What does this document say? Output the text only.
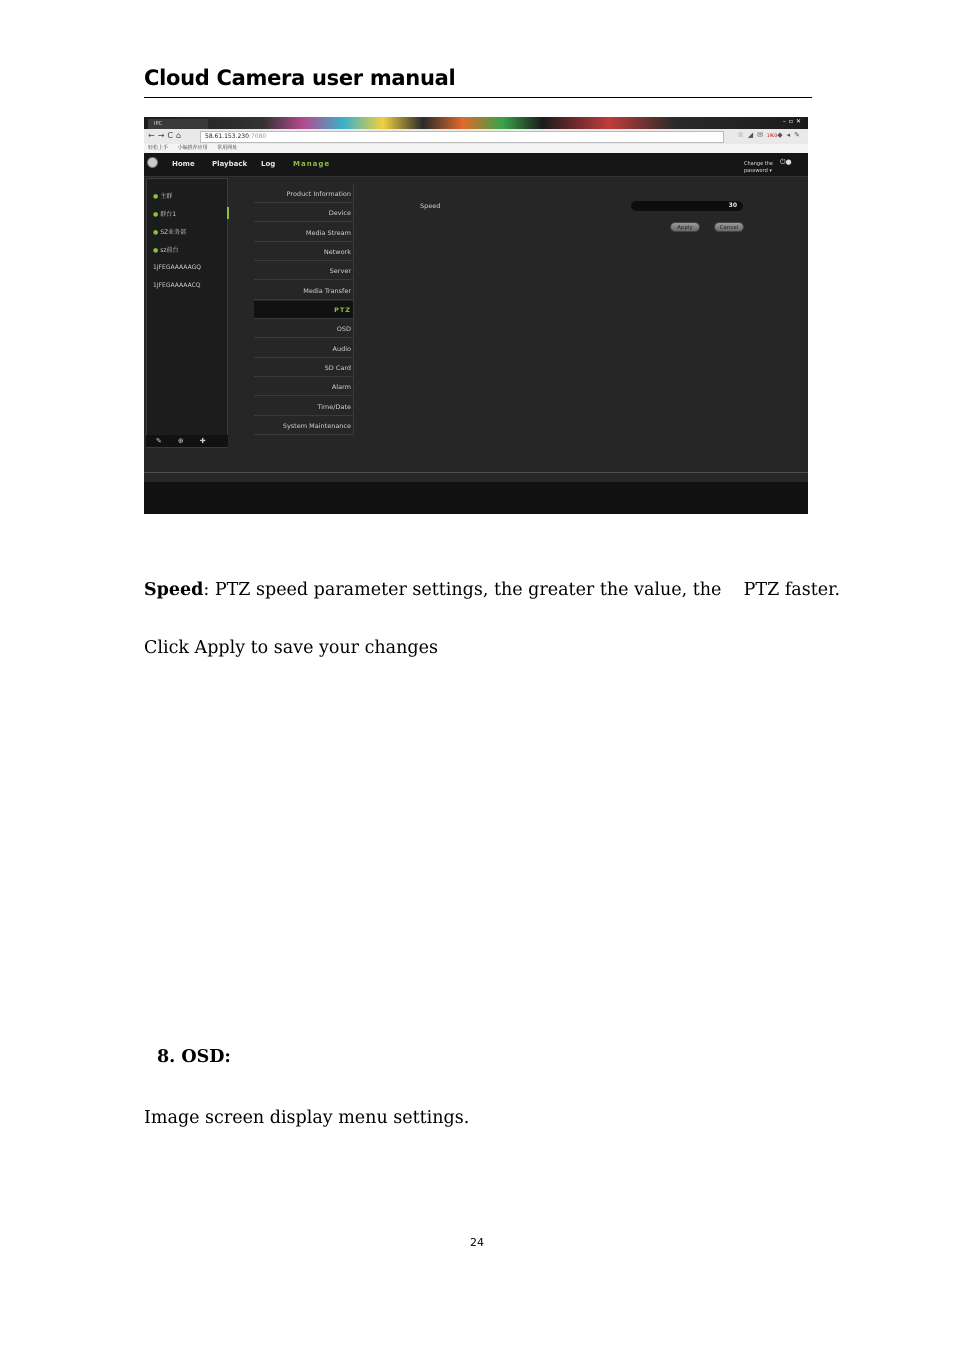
Cloud Camera user manual
IPC	–▫✕
←→C⌂	58.61.153.230:7080	☆◢✉1903◆◂✎
轻松上手 小编推荐应用 常用网址
Home Playback Log	Manage	Change the
password ▾
⏻●
● 主群
● 群台1
● SZ业务部
● sz前台
1JFEGAAAAAGQ
1JFEGAAAAACQ
✎⊕✚
Product Information
Device
Media Stream
Network
Server
Media Transfer
PTZ
OSD
Audio
SD Card
Alarm
Time/Date
System Maintenance
Speed	30
Apply	Cancel
Speed: PTZ speed parameter settings, the greater the value, the    PTZ faster.
Click Apply to save your changes
8. OSD:
Image screen display menu settings.
24
